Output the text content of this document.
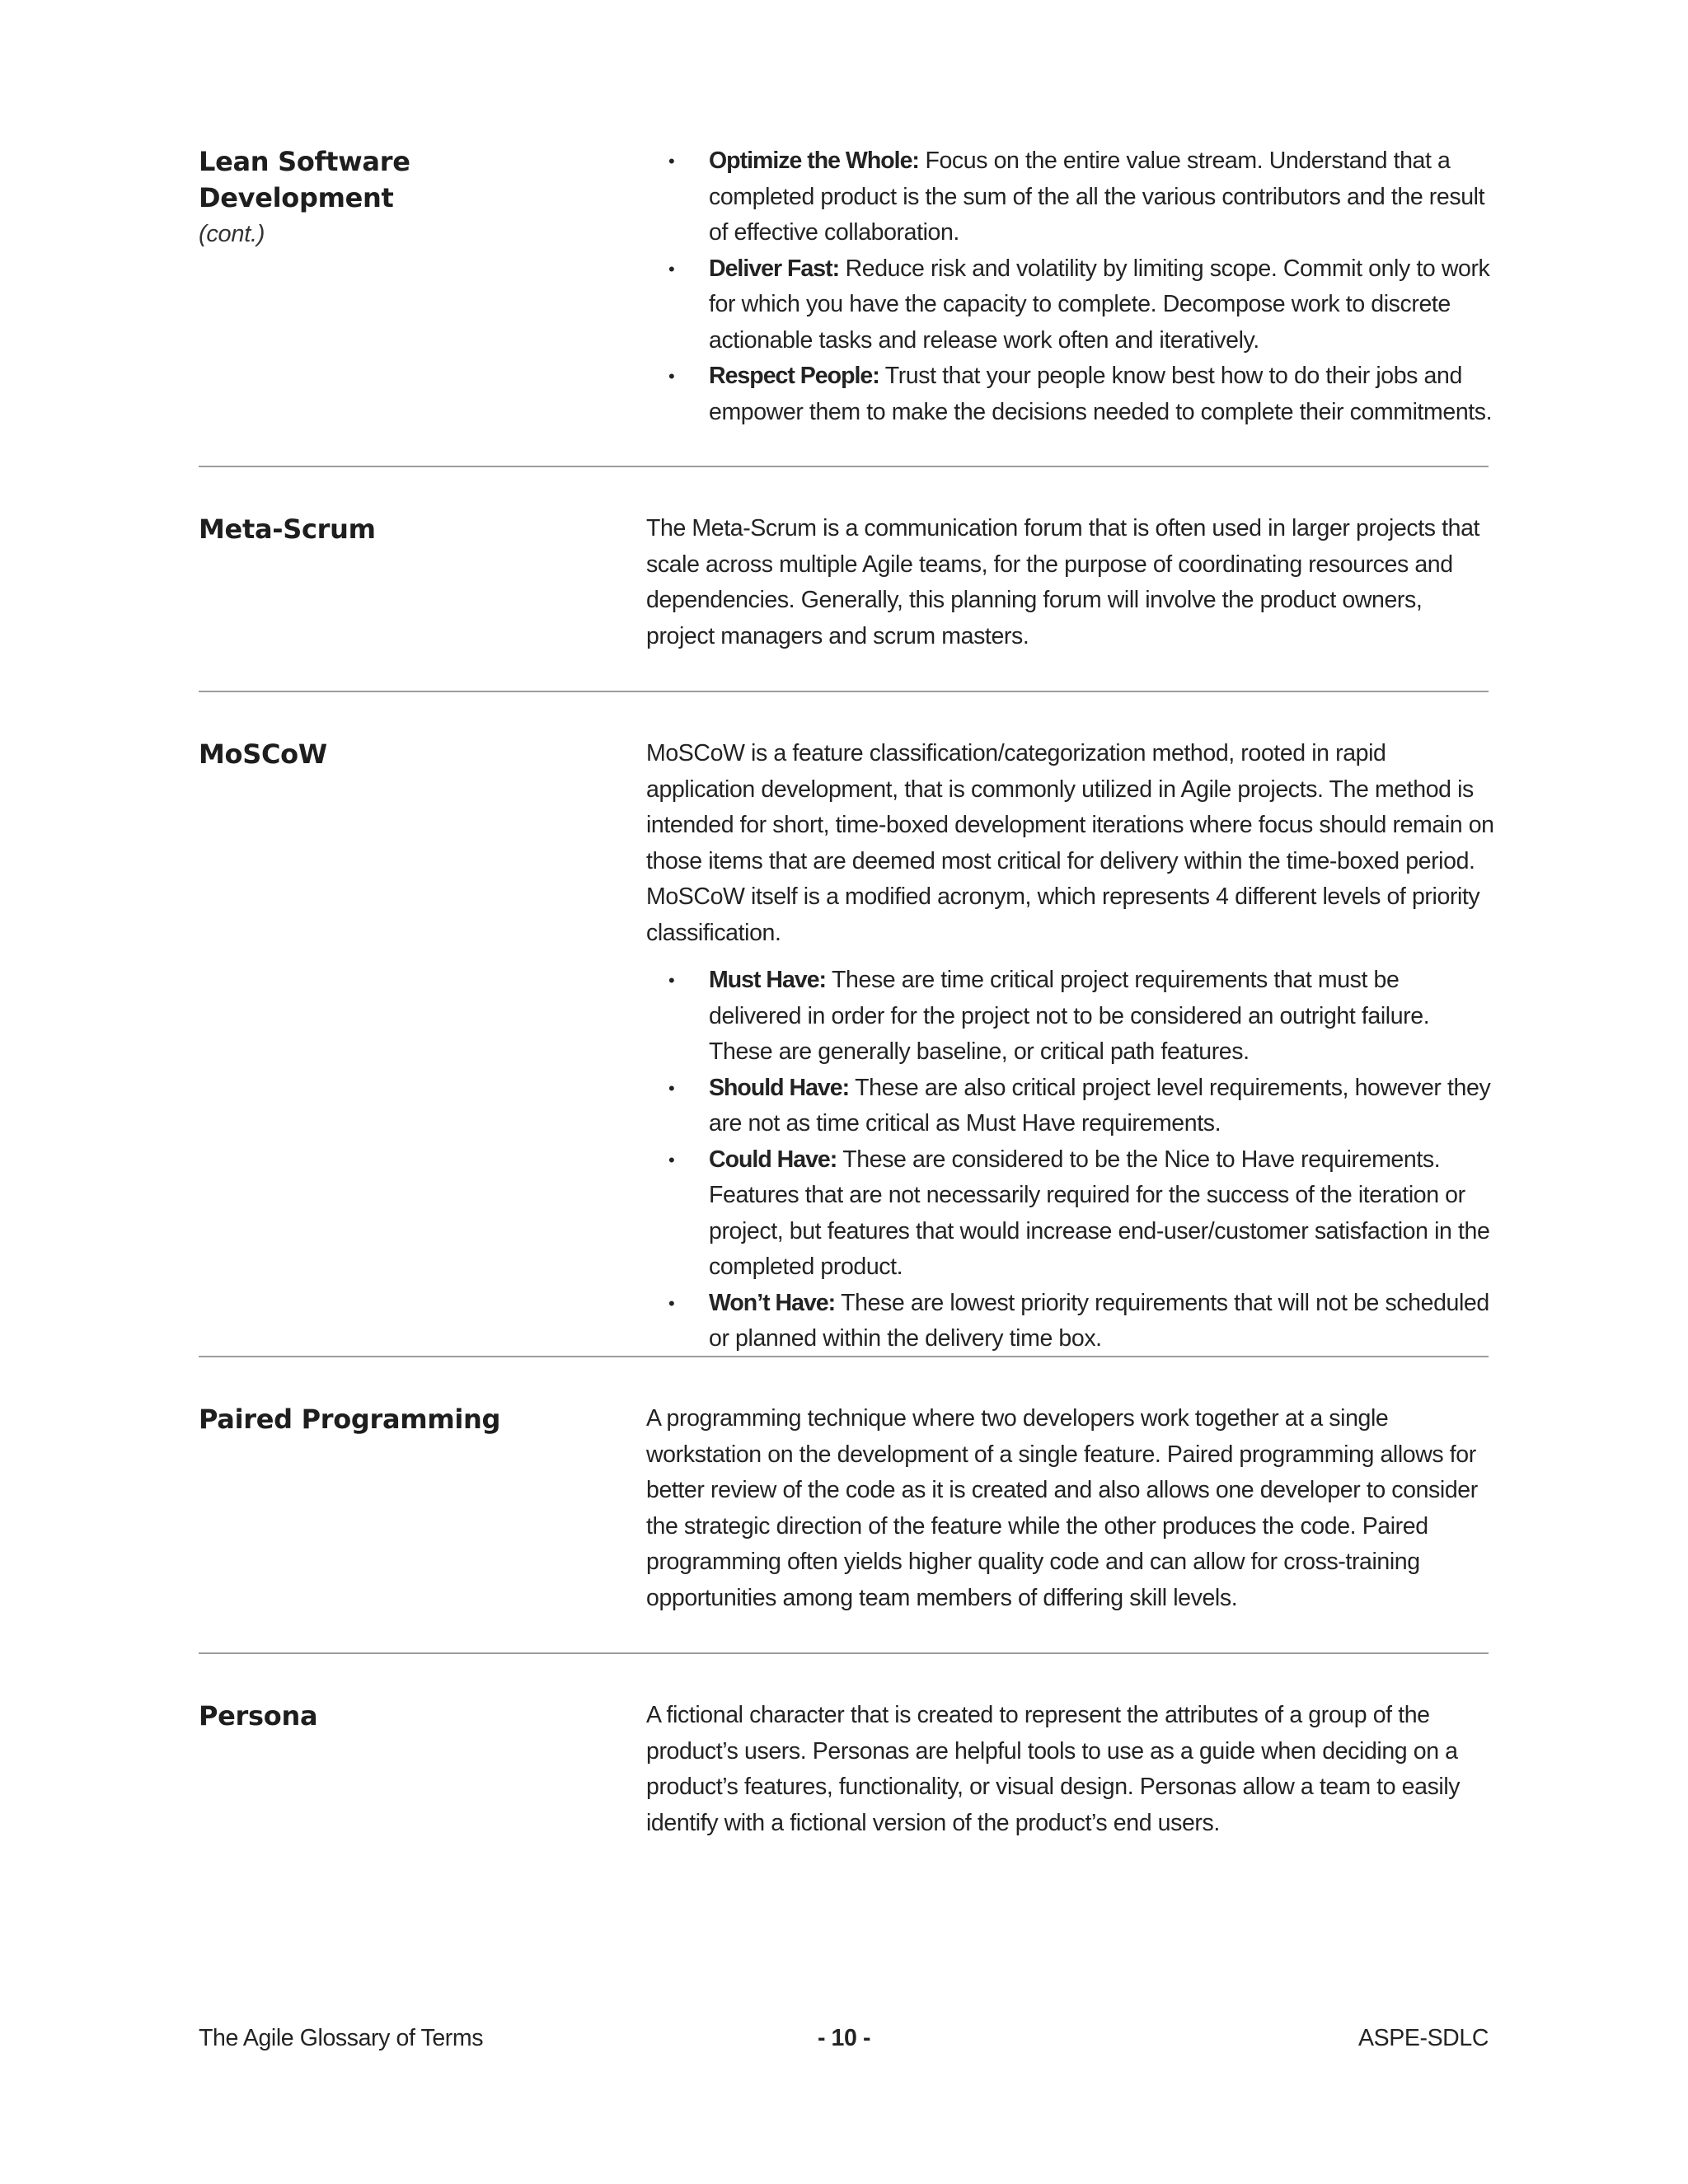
Lean Software Development
(cont.)
• Optimize the Whole: Focus on the entire value stream. Understand that a completed product is the sum of the all the various contributors and the result of effective collaboration.
• Deliver Fast: Reduce risk and volatility by limiting scope. Commit only to work for which you have the capacity to complete. Decompose work to discrete actionable tasks and release work often and iteratively.
• Respect People: Trust that your people know best how to do their jobs and empower them to make the decisions needed to complete their commitments.
Meta-Scrum	The Meta-Scrum is a communication forum that is often used in larger projects that scale across multiple Agile teams, for the purpose of coordinating resources and dependencies. Generally, this planning forum will involve the product owners, project managers and scrum masters.

MoSCoW	MoSCoW is a feature classification/categorization method, rooted in rapid application development, that is commonly utilized in Agile projects. The method is intended for short, time-boxed development iterations where focus should remain on those items that are deemed most critical for delivery within the time-boxed period. MoSCoW itself is a modified acronym, which represents 4 different levels of priority classification.

• Must Have: These are time critical project requirements that must be delivered in order for the project not to be considered an outright failure. These are generally baseline, or critical path features.
• Should Have: These are also critical project level requirements, however they are not as time critical as Must Have requirements.
• Could Have: These are considered to be the Nice to Have requirements. Features that are not necessarily required for the success of the iteration or project, but features that would increase end-user/customer satisfaction in the completed product.
• Won’t Have: These are lowest priority requirements that will not be scheduled or planned within the delivery time box.
Paired Programming	A programming technique where two developers work together at a single workstation on the development of a single feature. Paired programming allows for better review of the code as it is created and also allows one developer to consider the strategic direction of the feature while the other produces the code. Paired programming often yields higher quality code and can allow for cross-training opportunities among team members of differing skill levels.

Persona	A fictional character that is created to represent the attributes of a group of the product’s users. Personas are helpful tools to use as a guide when deciding on a product’s features, functionality, or visual design. Personas allow a team to easily identify with a fictional version of the product’s end users.

The Agile Glossary of Terms	- 10 -	ASPE-SDLC
